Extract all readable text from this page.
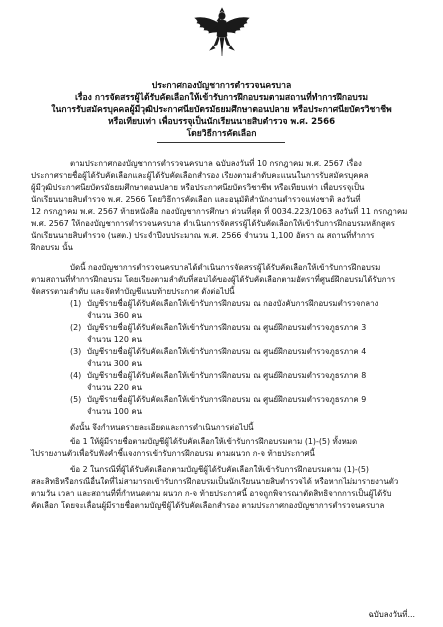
ประกาศกองบัญชาการตำรวจนครบาล
เรื่อง การจัดสรรผู้ได้รับคัดเลือกให้เข้ารับการฝึกอบรมตามสถานที่ทำการฝึกอบรม
ในการรับสมัครบุคคลผู้มีวุฒิประกาศนียบัตรมัธยมศึกษาตอนปลาย หรือประกาศนียบัตรวิชาชีพ
หรือเทียบเท่า เพื่อบรรจุเป็นนักเรียนนายสิบตำรวจ พ.ศ. 2566
โดยวิธีการคัดเลือก
ตามประกาศกองบัญชาการตำรวจนครบาล ฉบับลงวันที่ 10 กรกฎาคม พ.ศ. 2567 เรื่อง
ประกาศรายชื่อผู้ได้รับคัดเลือกและผู้ได้รับคัดเลือกสำรอง เรียงตามลำดับคะแนนในการรับสมัครบุคคล
ผู้มีวุฒิประกาศนียบัตรมัธยมศึกษาตอนปลาย หรือประกาศนียบัตรวิชาชีพ หรือเทียบเท่า เพื่อบรรจุเป็น
นักเรียนนายสิบตำรวจ พ.ศ. 2566 โดยวิธีการคัดเลือก และอนุมัติสำนักงานตำรวจแห่งชาติ ลงวันที่
12 กรกฎาคม พ.ศ. 2567 ท้ายหนังสือ กองบัญชาการศึกษา ด่วนที่สุด ที่ 0034.223/1063 ลงวันที่ 11 กรกฎาคม
พ.ศ. 2567 ให้กองบัญชาการตำรวจนครบาล ดำเนินการจัดสรรผู้ได้รับคัดเลือกให้เข้ารับการฝึกอบรมหลักสูตร
นักเรียนนายสิบตำรวจ (นสต.) ประจำปีงบประมาณ พ.ศ. 2566 จำนวน 1,100 อัตรา ณ สถานที่ทำการ
ฝึกอบรม นั้น
บัดนี้ กองบัญชาการตำรวจนครบาลได้ดำเนินการจัดสรรผู้ได้รับคัดเลือกให้เข้ารับการฝึกอบรม
ตามสถานที่ทำการฝึกอบรม โดยเรียงตามลำดับที่สอบได้ของผู้ได้รับคัดเลือกตามอัตราที่ศูนย์ฝึกอบรมได้รับการ
จัดสรรตามลำดับ และจัดทำบัญชีแนบท้ายประกาศ ดังต่อไปนี้
(1) บัญชีรายชื่อผู้ได้รับคัดเลือกให้เข้ารับการฝึกอบรม ณ กองบังคับการฝึกอบรมตำรวจกลาง
จำนวน 360 คน
(2) บัญชีรายชื่อผู้ได้รับคัดเลือกให้เข้ารับการฝึกอบรม ณ ศูนย์ฝึกอบรมตำรวจภูธรภาค 3
จำนวน 120 คน
(3) บัญชีรายชื่อผู้ได้รับคัดเลือกให้เข้ารับการฝึกอบรม ณ ศูนย์ฝึกอบรมตำรวจภูธรภาค 4
จำนวน 300 คน
(4) บัญชีรายชื่อผู้ได้รับคัดเลือกให้เข้ารับการฝึกอบรม ณ ศูนย์ฝึกอบรมตำรวจภูธรภาค 8
จำนวน 220 คน
(5) บัญชีรายชื่อผู้ได้รับคัดเลือกให้เข้ารับการฝึกอบรม ณ ศูนย์ฝึกอบรมตำรวจภูธรภาค 9
จำนวน 100 คน
ดังนั้น จึงกำหนดรายละเอียดและการดำเนินการต่อไปนี้
ข้อ 1 ให้ผู้มีรายชื่อตามบัญชีผู้ได้รับคัดเลือกให้เข้ารับการฝึกอบรมตาม (1)-(5) ทั้งหมด
ไปรายงานตัวเพื่อรับฟังคำชี้แจงการเข้ารับการฝึกอบรม ตามผนวก ก-จ ท้ายประกาศนี้
ข้อ 2 ในกรณีที่ผู้ได้รับคัดเลือกตามบัญชีผู้ได้รับคัดเลือกให้เข้ารับการฝึกอบรมตาม (1)-(5)
สละสิทธิหรือกรณีอื่นใดที่ไม่สามารถเข้ารับการฝึกอบรมเป็นนักเรียนนายสิบตำรวจได้ หรือหากไม่มารายงานตัว
ตามวัน เวลา และสถานที่ที่กำหนดตาม ผนวก ก-จ ท้ายประกาศนี้ อาจถูกพิจารณาตัดสิทธิจากการเป็นผู้ได้รับ
คัดเลือก โดยจะเลื่อนผู้มีรายชื่อตามบัญชีผู้ได้รับคัดเลือกสำรอง ตามประกาศกองบัญชาการตำรวจนครบาล
ฉบับลงวันที่...
